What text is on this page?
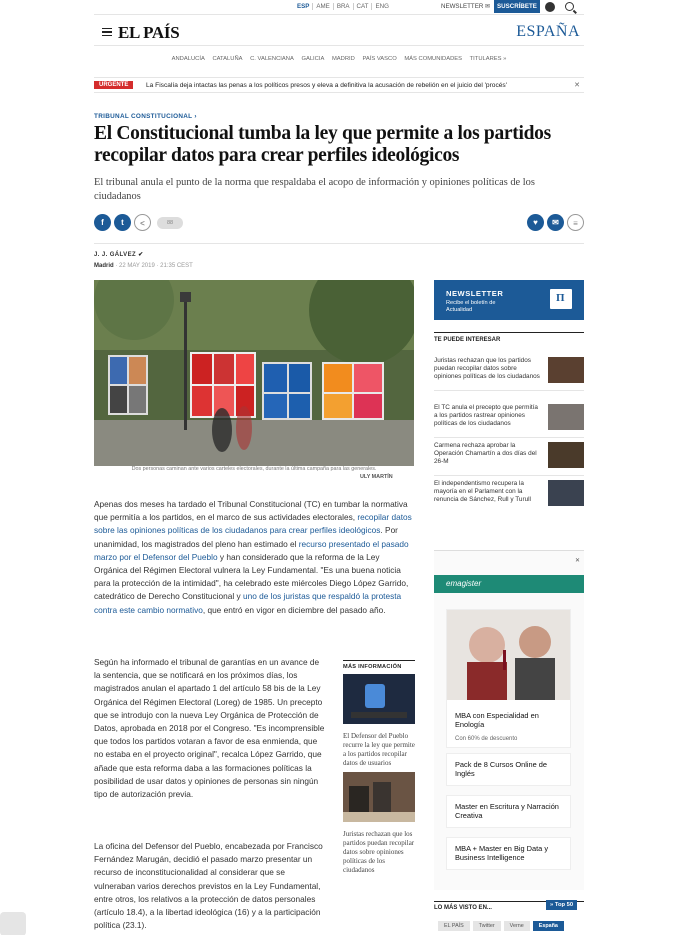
ESP	AME	BRA	CAT	ENG	NEWSLETTER ✉	SUSCRÍBETE
EL PAÍS	ESPAÑA
ANDALUCÍA CATALUÑA C. VALENCIANA GALICIA MADRID PAÍS VASCO MÁS COMUNIDADES TITULARES »
URGENTE	La Fiscalía deja intactas las penas a los políticos presos y eleva a definitiva la acusación de rebelión en el juicio del 'procés'	✕
TRIBUNAL CONSTITUCIONAL ›
El Constitucional tumba la ley que permite a los partidos recopilar datos para crear perfiles ideológicos
El tribunal anula el punto de la norma que respaldaba el acopo de información y opiniones políticas de los ciudadanos
f	t	<	88	♥	✉	≡
J. J. GÁLVEZ ✔
Madrid · 22 MAY 2019 · 21:35 CEST
Dos personas caminan ante varios carteles electorales, durante la última campaña para las generales.
ULY MARTÍN

Apenas dos meses ha tardado el Tribunal Constitucional (TC) en tumbar la normativa que permitía a los partidos, en el marco de sus actividades electorales, recopilar datos sobre las opiniones políticas de los ciudadanos para crear perfiles ideológicos. Por unanimidad, los magistrados del pleno han estimado el recurso presentado el pasado marzo por el Defensor del Pueblo y han considerado que la reforma de la Ley Orgánica del Régimen Electoral vulnera la Ley Fundamental. "Es una buena noticia para la protección de la intimidad", ha celebrado este miércoles Diego López Garrido, catedrático de Derecho Constitucional y uno de los juristas que respaldó la protesta contra este cambio normativo, que entró en vigor en diciembre del pasado año.

Según ha informado el tribunal de garantías en un avance de la sentencia, que se notificará en los próximos días, los magistrados anulan el apartado 1 del artículo 58 bis de la Ley Orgánica del Régimen Electoral (Loreg) de 1985. Un precepto que se introdujo con la nueva Ley Orgánica de Protección de Datos, aprobada en 2018 por el Congreso. "Es incomprensible que todos los partidos votaran a favor de esa enmienda, que no estaba en el proyecto original", recalca López Garrido, que añade que esta reforma daba a las formaciones políticas la posibilidad de usar datos y opiniones de personas sin ningún tipo de autorización previa.

La oficina del Defensor del Pueblo, encabezada por Francisco Fernández Marugán, decidió el pasado marzo presentar un recurso de inconstitucionalidad al considerar que se vulneraban varios derechos previstos en la Ley Fundamental, entre otros, los relativos a la protección de datos personales (artículo 18.4), a la libertad ideológica (16) y a la participación política (23.1).

MÁS INFORMACIÓN
El Defensor del Pueblo recurre la ley que permite a los partidos recopilar datos de usuarios
Juristas rechazan que los partidos puedan recopilar datos sobre opiniones políticas de los ciudadanos
NEWSLETTER
Recibe el boletín de Actualidad
Π
TE PUEDE INTERESAR
Juristas rechazan que los partidos puedan recopilar datos sobre opiniones políticas de los ciudadanos
El TC anula el precepto que permitía a los partidos rastrear opiniones políticas de los ciudadanos
Carmena rechaza aprobar la Operación Chamartín a dos días del 26-M
El independentismo recupera la mayoría en el Parlament con la renuncia de Sánchez, Rull y Turull
✕
emagister
MBA con Especialidad en Enología
Con 60% de descuento
Pack de 8 Cursos Online de Inglés
Master en Escritura y Narración Creativa
MBA + Master en Big Data y Business Intelligence
LO MÁS VISTO EN...	» Top 50
EL PAÍS	Twitter	Verne	España
